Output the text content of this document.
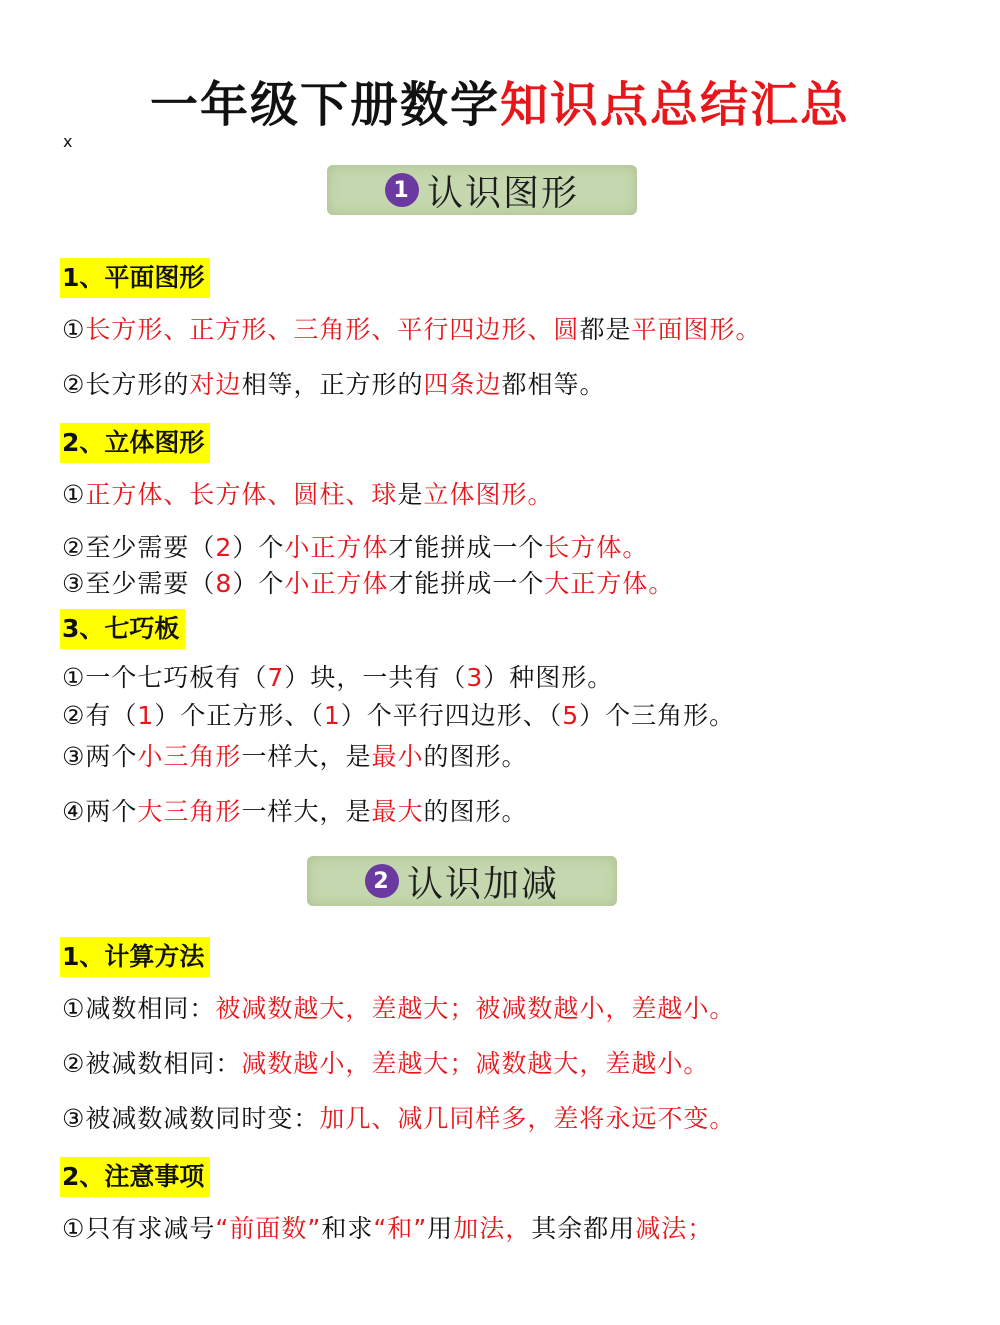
一年级下册数学知识点总结汇总
x
1 认识图形
1、平面图形
①长方形、正方形、三角形、平行四边形、圆都是平面图形。
②长方形的对边相等，正方形的四条边都相等。
2、立体图形
①正方体、长方体、圆柱、球是立体图形。
②至少需要（2）个小正方体才能拼成一个长方体。
③至少需要（8）个小正方体才能拼成一个大正方体。
3、七巧板
①一个七巧板有（7）块，一共有（3）种图形。
②有（1）个正方形、（1）个平行四边形、（5）个三角形。
③两个小三角形一样大，是最小的图形。
④两个大三角形一样大，是最大的图形。
2 认识加减
1、计算方法
①减数相同：被减数越大，差越大；被减数越小，差越小。
②被减数相同：减数越小，差越大；减数越大，差越小。
③被减数减数同时变：加几、减几同样多，差将永远不变。
2、注意事项
①只有求减号“前面数”和求“和”用加法，其余都用减法；
